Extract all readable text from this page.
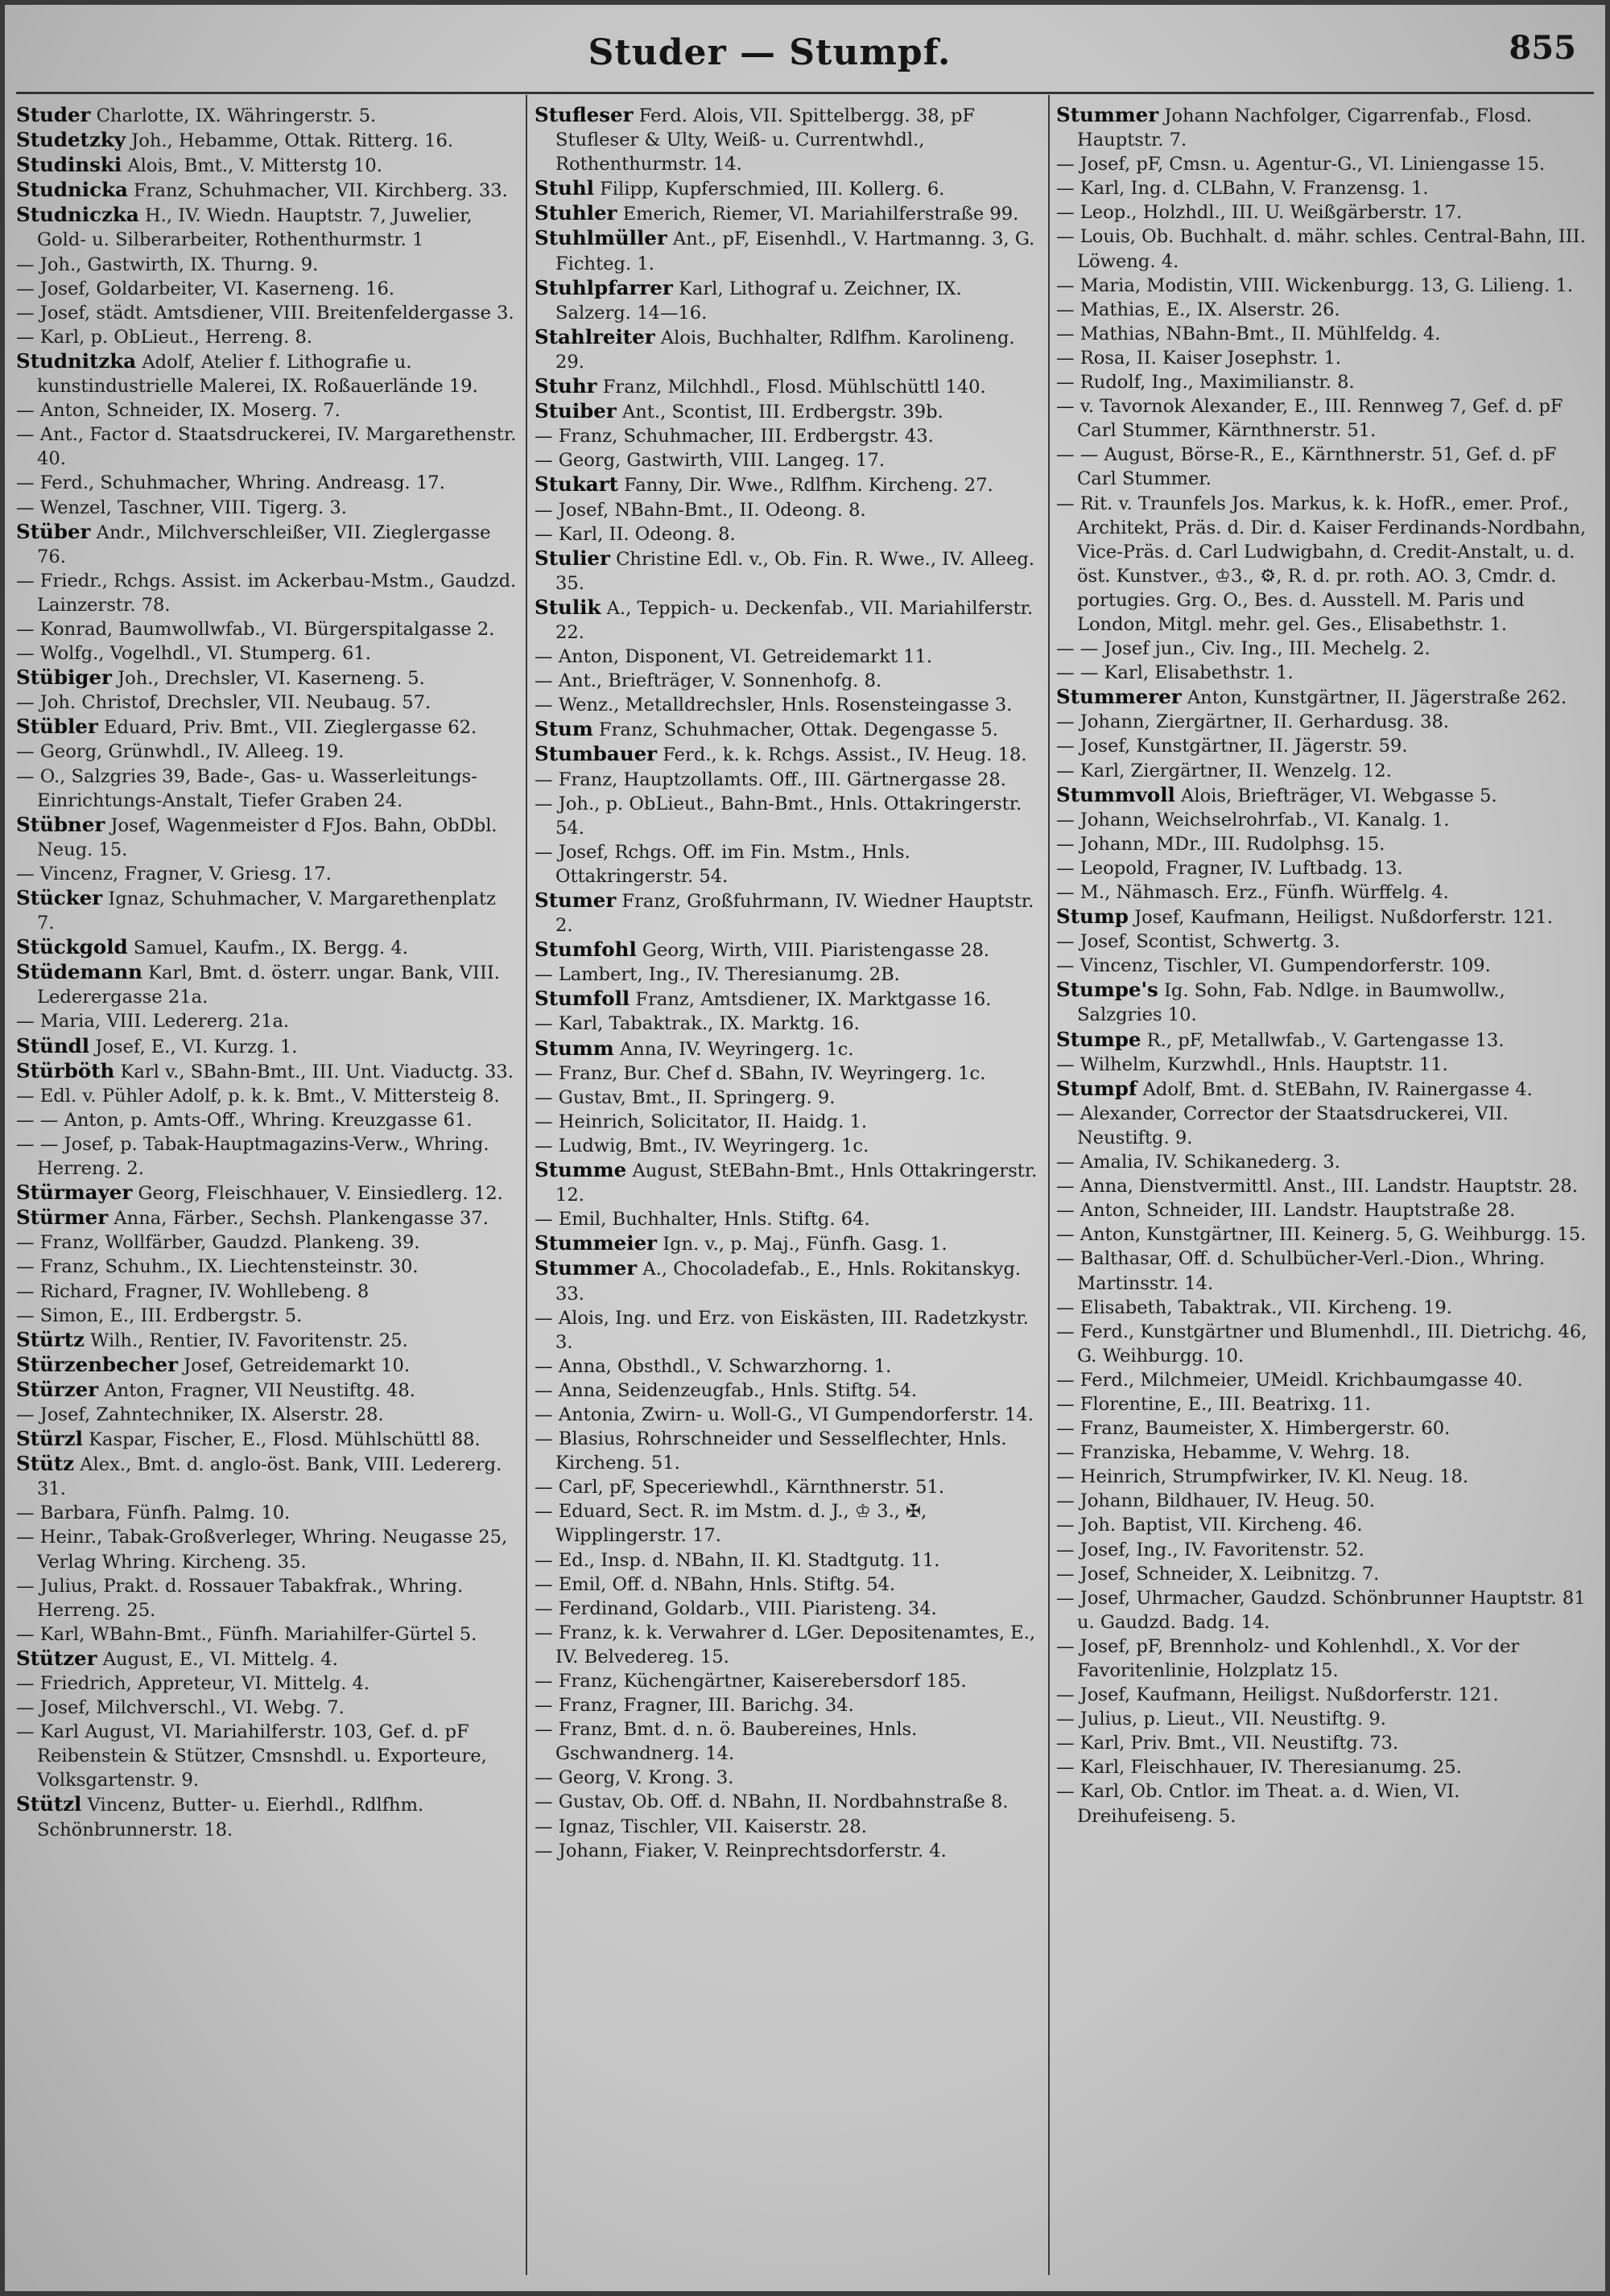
Studer — Stumpf.	855
Studer Charlotte, IX. Währingerstr. 5.
Studetzky Joh., Hebamme, Ottak. Ritterg. 16.
Studinski Alois, Bmt., V. Mitterstg 10.
Studnicka Franz, Schuhmacher, VII. Kirchberg. 33.
Studniczka H., IV. Wiedn. Hauptstr. 7, Juwelier, Gold- u. Silberarbeiter, Rothenthurmstr. 1
— Joh., Gastwirth, IX. Thurng. 9.
— Josef, Goldarbeiter, VI. Kaserneng. 16.
— Josef, städt. Amtsdiener, VIII. Breitenfeldergasse 3.
— Karl, p. ObLieut., Herreng. 8.
Studnitzka Adolf, Atelier f. Lithografie u. kunstindustrielle Malerei, IX. Roßauerlände 19.
— Anton, Schneider, IX. Moserg. 7.
— Ant., Factor d. Staatsdruckerei, IV. Margarethenstr. 40.
— Ferd., Schuhmacher, Whring. Andreasg. 17.
— Wenzel, Taschner, VIII. Tigerg. 3.
Stüber Andr., Milchverschleißer, VII. Zieglergasse 76.
— Friedr., Rchgs. Assist. im Ackerbau-Mstm., Gaudzd. Lainzerstr. 78.
— Konrad, Baumwollwfab., VI. Bürgerspitalgasse 2.
— Wolfg., Vogelhdl., VI. Stumperg. 61.
Stübiger Joh., Drechsler, VI. Kaserneng. 5.
— Joh. Christof, Drechsler, VII. Neubaug. 57.
Stübler Eduard, Priv. Bmt., VII. Zieglergasse 62.
— Georg, Grünwhdl., IV. Alleeg. 19.
— O., Salzgries 39, Bade-, Gas- u. Wasserleitungs-Einrichtungs-Anstalt, Tiefer Graben 24.
Stübner Josef, Wagenmeister d FJos. Bahn, ObDbl. Neug. 15.
— Vincenz, Fragner, V. Griesg. 17.
Stücker Ignaz, Schuhmacher, V. Margarethenplatz 7.
Stückgold Samuel, Kaufm., IX. Bergg. 4.
Stüdemann Karl, Bmt. d. österr. ungar. Bank, VIII. Lederergasse 21a.
— Maria, VIII. Ledererg. 21a.
Stündl Josef, E., VI. Kurzg. 1.
Stürböth Karl v., SBahn-Bmt., III. Unt. Viaductg. 33.
— Edl. v. Pühler Adolf, p. k. k. Bmt., V. Mittersteig 8.
— — Anton, p. Amts-Off., Whring. Kreuzgasse 61.
— — Josef, p. Tabak-Hauptmagazins-Verw., Whring. Herreng. 2.
Stürmayer Georg, Fleischhauer, V. Einsiedlerg. 12.
Stürmer Anna, Färber., Sechsh. Plankengasse 37.
— Franz, Wollfärber, Gaudzd. Plankeng. 39.
— Franz, Schuhm., IX. Liechtensteinstr. 30.
— Richard, Fragner, IV. Wohllebeng. 8
— Simon, E., III. Erdbergstr. 5.
Stürtz Wilh., Rentier, IV. Favoritenstr. 25.
Stürzenbecher Josef, Getreidemarkt 10.
Stürzer Anton, Fragner, VII Neustiftg. 48.
— Josef, Zahntechniker, IX. Alserstr. 28.
Stürzl Kaspar, Fischer, E., Flosd. Mühlschüttl 88.
Stütz Alex., Bmt. d. anglo-öst. Bank, VIII. Ledererg. 31.
— Barbara, Fünfh. Palmg. 10.
— Heinr., Tabak-Großverleger, Whring. Neugasse 25, Verlag Whring. Kircheng. 35.
— Julius, Prakt. d. Rossauer Tabakfrak., Whring. Herreng. 25.
— Karl, WBahn-Bmt., Fünfh. Mariahilfer-Gürtel 5.
Stützer August, E., VI. Mittelg. 4.
— Friedrich, Appreteur, VI. Mittelg. 4.
— Josef, Milchverschl., VI. Webg. 7.
— Karl August, VI. Mariahilferstr. 103, Gef. d. pF Reibenstein & Stützer, Cmsnshdl. u. Exporteure, Volksgartenstr. 9.
Stützl Vincenz, Butter- u. Eierhdl., Rdlfhm. Schönbrunnerstr. 18.
Stufleser Ferd. Alois, VII. Spittelbergg. 38, pF Stufleser & Ulty, Weiß- u. Currentwhdl., Rothenthurmstr. 14.
Stuhl Filipp, Kupferschmied, III. Kollerg. 6.
Stuhler Emerich, Riemer, VI. Mariahilferstraße 99.
Stuhlmüller Ant., pF, Eisenhdl., V. Hartmanng. 3, G. Fichteg. 1.
Stuhlpfarrer Karl, Lithograf u. Zeichner, IX. Salzerg. 14—16.
Stahlreiter Alois, Buchhalter, Rdlfhm. Karolineng. 29.
Stuhr Franz, Milchhdl., Flosd. Mühlschüttl 140.
Stuiber Ant., Scontist, III. Erdbergstr. 39b.
— Franz, Schuhmacher, III. Erdbergstr. 43.
— Georg, Gastwirth, VIII. Langeg. 17.
Stukart Fanny, Dir. Wwe., Rdlfhm. Kircheng. 27.
— Josef, NBahn-Bmt., II. Odeong. 8.
— Karl, II. Odeong. 8.
Stulier Christine Edl. v., Ob. Fin. R. Wwe., IV. Alleeg. 35.
Stulik A., Teppich- u. Deckenfab., VII. Mariahilferstr. 22.
— Anton, Disponent, VI. Getreidemarkt 11.
— Ant., Briefträger, V. Sonnenhofg. 8.
— Wenz., Metalldrechsler, Hnls. Rosensteingasse 3.
Stum Franz, Schuhmacher, Ottak. Degengasse 5.
Stumbauer Ferd., k. k. Rchgs. Assist., IV. Heug. 18.
— Franz, Hauptzollamts. Off., III. Gärtnergasse 28.
— Joh., p. ObLieut., Bahn-Bmt., Hnls. Ottakringerstr. 54.
— Josef, Rchgs. Off. im Fin. Mstm., Hnls. Ottakringerstr. 54.
Stumer Franz, Großfuhrmann, IV. Wiedner Hauptstr. 2.
Stumfohl Georg, Wirth, VIII. Piaristengasse 28.
— Lambert, Ing., IV. Theresianumg. 2B.
Stumfoll Franz, Amtsdiener, IX. Marktgasse 16.
— Karl, Tabaktrak., IX. Marktg. 16.
Stumm Anna, IV. Weyringerg. 1c.
— Franz, Bur. Chef d. SBahn, IV. Weyringerg. 1c.
— Gustav, Bmt., II. Springerg. 9.
— Heinrich, Solicitator, II. Haidg. 1.
— Ludwig, Bmt., IV. Weyringerg. 1c.
Stumme August, StEBahn-Bmt., Hnls Ottakringerstr. 12.
— Emil, Buchhalter, Hnls. Stiftg. 64.
Stummeier Ign. v., p. Maj., Fünfh. Gasg. 1.
Stummer A., Chocoladefab., E., Hnls. Rokitanskyg. 33.
— Alois, Ing. und Erz. von Eiskästen, III. Radetzkystr. 3.
— Anna, Obsthdl., V. Schwarzhorng. 1.
— Anna, Seidenzeugfab., Hnls. Stiftg. 54.
— Antonia, Zwirn- u. Woll-G., VI Gumpendorferstr. 14.
— Blasius, Rohrschneider und Sesselflechter, Hnls. Kircheng. 51.
— Carl, pF, Speceriewhdl., Kärnthnerstr. 51.
— Eduard, Sect. R. im Mstm. d. J., ♔ 3., ✠, Wipplingerstr. 17.
— Ed., Insp. d. NBahn, II. Kl. Stadtgutg. 11.
— Emil, Off. d. NBahn, Hnls. Stiftg. 54.
— Ferdinand, Goldarb., VIII. Piaristeng. 34.
— Franz, k. k. Verwahrer d. LGer. Depositenamtes, E., IV. Belvedereg. 15.
— Franz, Küchengärtner, Kaiserebersdorf 185.
— Franz, Fragner, III. Barichg. 34.
— Franz, Bmt. d. n. ö. Baubereines, Hnls. Gschwandnerg. 14.
— Georg, V. Krong. 3.
— Gustav, Ob. Off. d. NBahn, II. Nordbahnstraße 8.
— Ignaz, Tischler, VII. Kaiserstr. 28.
— Johann, Fiaker, V. Reinprechtsdorferstr. 4.
Stummer Johann Nachfolger, Cigarrenfab., Flosd. Hauptstr. 7.
— Josef, pF, Cmsn. u. Agentur-G., VI. Liniengasse 15.
— Karl, Ing. d. CLBahn, V. Franzensg. 1.
— Leop., Holzhdl., III. U. Weißgärberstr. 17.
— Louis, Ob. Buchhalt. d. mähr. schles. Central-Bahn, III. Löweng. 4.
— Maria, Modistin, VIII. Wickenburgg. 13, G. Lilieng. 1.
— Mathias, E., IX. Alserstr. 26.
— Mathias, NBahn-Bmt., II. Mühlfeldg. 4.
— Rosa, II. Kaiser Josephstr. 1.
— Rudolf, Ing., Maximilianstr. 8.
— v. Tavornok Alexander, E., III. Rennweg 7, Gef. d. pF Carl Stummer, Kärnthnerstr. 51.
— — August, Börse-R., E., Kärnthnerstr. 51, Gef. d. pF Carl Stummer.
— Rit. v. Traunfels Jos. Markus, k. k. HofR., emer. Prof., Architekt, Präs. d. Dir. d. Kaiser Ferdinands-Nordbahn, Vice-Präs. d. Carl Ludwigbahn, d. Credit-Anstalt, u. d. öst. Kunstver., ♔3., ⚙, R. d. pr. roth. AO. 3, Cmdr. d. portugies. Grg. O., Bes. d. Ausstell. M. Paris und London, Mitgl. mehr. gel. Ges., Elisabethstr. 1.
— — Josef jun., Civ. Ing., III. Mechelg. 2.
— — Karl, Elisabethstr. 1.
Stummerer Anton, Kunstgärtner, II. Jägerstraße 262.
— Johann, Ziergärtner, II. Gerhardusg. 38.
— Josef, Kunstgärtner, II. Jägerstr. 59.
— Karl, Ziergärtner, II. Wenzelg. 12.
Stummvoll Alois, Briefträger, VI. Webgasse 5.
— Johann, Weichselrohrfab., VI. Kanalg. 1.
— Johann, MDr., III. Rudolphsg. 15.
— Leopold, Fragner, IV. Luftbadg. 13.
— M., Nähmasch. Erz., Fünfh. Würffelg. 4.
Stump Josef, Kaufmann, Heiligst. Nußdorferstr. 121.
— Josef, Scontist, Schwertg. 3.
— Vincenz, Tischler, VI. Gumpendorferstr. 109.
Stumpe's Ig. Sohn, Fab. Ndlge. in Baumwollw., Salzgries 10.
Stumpe R., pF, Metallwfab., V. Gartengasse 13.
— Wilhelm, Kurzwhdl., Hnls. Hauptstr. 11.
Stumpf Adolf, Bmt. d. StEBahn, IV. Rainergasse 4.
— Alexander, Corrector der Staatsdruckerei, VII. Neustiftg. 9.
— Amalia, IV. Schikanederg. 3.
— Anna, Dienstvermittl. Anst., III. Landstr. Hauptstr. 28.
— Anton, Schneider, III. Landstr. Hauptstraße 28.
— Anton, Kunstgärtner, III. Keinerg. 5, G. Weihburgg. 15.
— Balthasar, Off. d. Schulbücher-Verl.-Dion., Whring. Martinsstr. 14.
— Elisabeth, Tabaktrak., VII. Kircheng. 19.
— Ferd., Kunstgärtner und Blumenhdl., III. Dietrichg. 46, G. Weihburgg. 10.
— Ferd., Milchmeier, UMeidl. Krichbaumgasse 40.
— Florentine, E., III. Beatrixg. 11.
— Franz, Baumeister, X. Himbergerstr. 60.
— Franziska, Hebamme, V. Wehrg. 18.
— Heinrich, Strumpfwirker, IV. Kl. Neug. 18.
— Johann, Bildhauer, IV. Heug. 50.
— Joh. Baptist, VII. Kircheng. 46.
— Josef, Ing., IV. Favoritenstr. 52.
— Josef, Schneider, X. Leibnitzg. 7.
— Josef, Uhrmacher, Gaudzd. Schönbrunner Hauptstr. 81 u. Gaudzd. Badg. 14.
— Josef, pF, Brennholz- und Kohlenhdl., X. Vor der Favoritenlinie, Holzplatz 15.
— Josef, Kaufmann, Heiligst. Nußdorferstr. 121.
— Julius, p. Lieut., VII. Neustiftg. 9.
— Karl, Priv. Bmt., VII. Neustiftg. 73.
— Karl, Fleischhauer, IV. Theresianumg. 25.
— Karl, Ob. Cntlor. im Theat. a. d. Wien, VI. Dreihufeiseng. 5.
